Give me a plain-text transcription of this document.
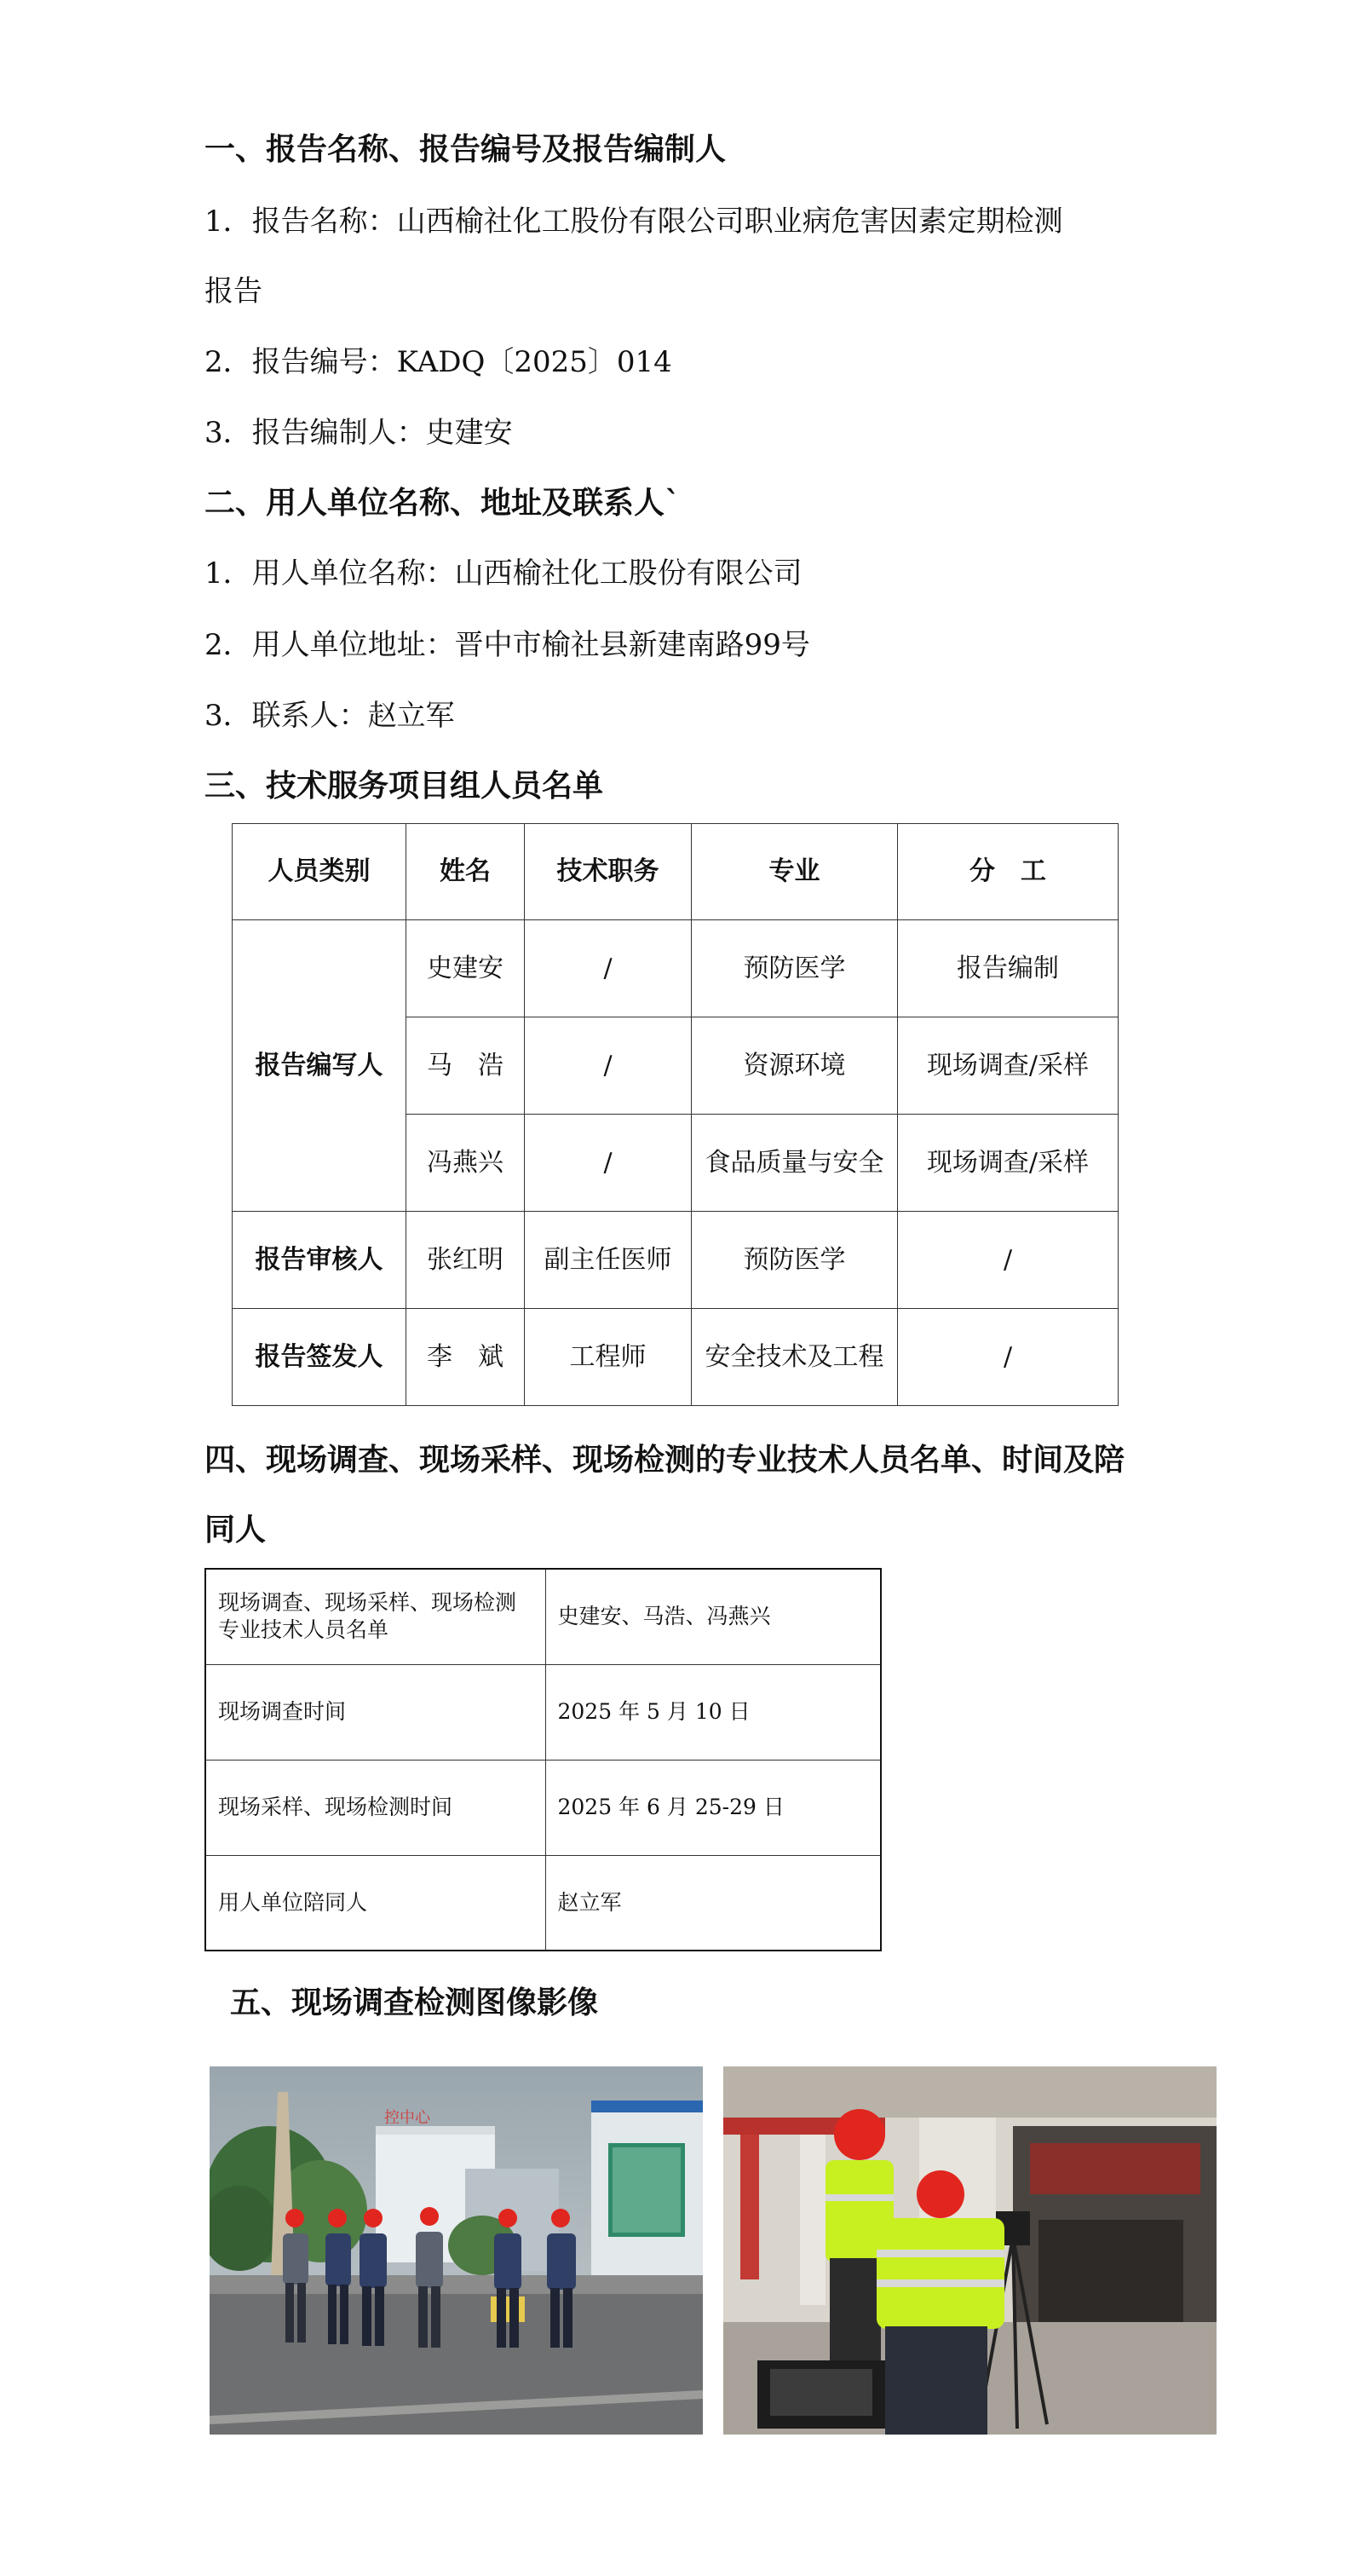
一、报告名称、报告编号及报告编制人

1．报告名称：山西榆社化工股份有限公司职业病危害因素定期检测

报告

2．报告编号：KADQ〔2025〕014

3．报告编制人：史建安

二、用人单位名称、地址及联系人`

1．用人单位名称：山西榆社化工股份有限公司

2．用人单位地址：晋中市榆社县新建南路99号

3．联系人：赵立军

三、技术服务项目组人员名单

人员类别	姓名	技术职务	专业	分　工
报告编写人	史建安	/	预防医学	报告编制
	马　浩	/	资源环境	现场调查/采样
	冯燕兴	/	食品质量与安全	现场调查/采样
报告审核人	张红明	副主任医师	预防医学	/
报告签发人	李　斌	工程师	安全技术及工程	/

四、现场调查、现场采样、现场检测的专业技术人员名单、时间及陪

同人

现场调查、现场采样、现场检测专业技术人员名单	史建安、马浩、冯燕兴
现场调查时间	2025 年 5 月 10 日
现场采样、现场检测时间	2025 年 6 月 25-29 日
用人单位陪同人	赵立军

五、现场调查检测图像影像

控中心
